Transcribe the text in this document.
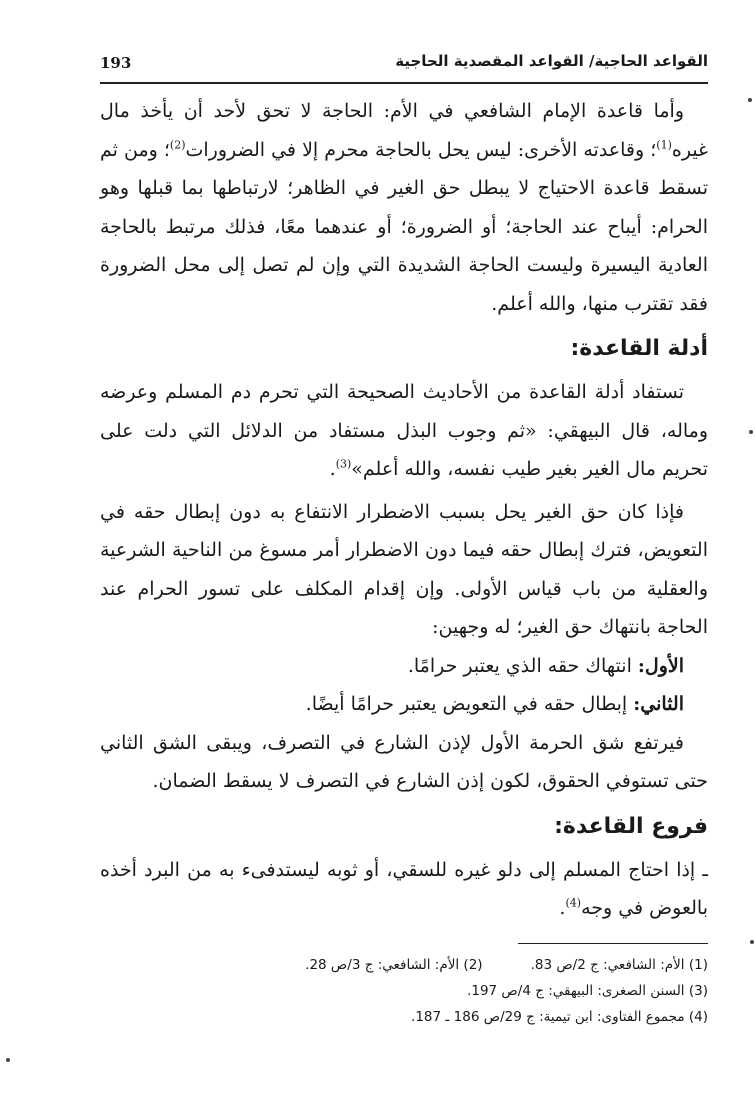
193	القواعد الحاجية/ القواعد المقصدية الحاجية

وأما قاعدة الإمام الشافعي في الأم: الحاجة لا تحق لأحد أن يأخذ مال غيره$^{(1)}$؛ وقاعدته الأخرى: ليس يحل بالحاجة محرم إلا في الضرورات$^{(2)}$؛ ومن ثم تسقط قاعدة الاحتياج لا يبطل حق الغير في الظاهر؛ لارتباطها بما قبلها وهو الحرام: أيباح عند الحاجة؛ أو الضرورة؛ أو عندهما معًا، فذلك مرتبط بالحاجة العادية اليسيرة وليست الحاجة الشديدة التي وإن لم تصل إلى محل الضرورة فقد تقترب منها، والله أعلم.

أدلة القاعدة:

تستفاد أدلة القاعدة من الأحاديث الصحيحة التي تحرم دم المسلم وعرضه وماله، قال البيهقي: «ثم وجوب البذل مستفاد من الدلائل التي دلت على تحريم مال الغير بغير طيب نفسه، والله أعلم»$^{(3)}$.

فإذا كان حق الغير يحل بسبب الاضطرار الانتفاع به دون إبطال حقه في التعويض، فترك إبطال حقه فيما دون الاضطرار أمر مسوغ من الناحية الشرعية والعقلية من باب قياس الأولى. وإن إقدام المكلف على تسور الحرام عند الحاجة بانتهاك حق الغير؛ له وجهين:

الأول: انتهاك حقه الذي يعتبر حرامًا.

الثاني: إبطال حقه في التعويض يعتبر حرامًا أيضًا.

فيرتفع شق الحرمة الأول لإذن الشارع في التصرف، ويبقى الشق الثاني حتى تستوفي الحقوق، لكون إذن الشارع في التصرف لا يسقط الضمان.

فروع القاعدة:

ـ إذا احتاج المسلم إلى دلو غيره للسقي، أو ثوبه ليستدفىء به من البرد أخذه بالعوض في وجه$^{(4)}$.

(1) الأم: الشافعي: ج 2/ص 83.
(2) الأم: الشافعي: ج 3/ص 28.
(3) السنن الصغرى: البيهقي: ج 4/ص 197.
(4) مجموع الفتاوى: ابن تيمية: ج 29/ص 186 ـ 187.
